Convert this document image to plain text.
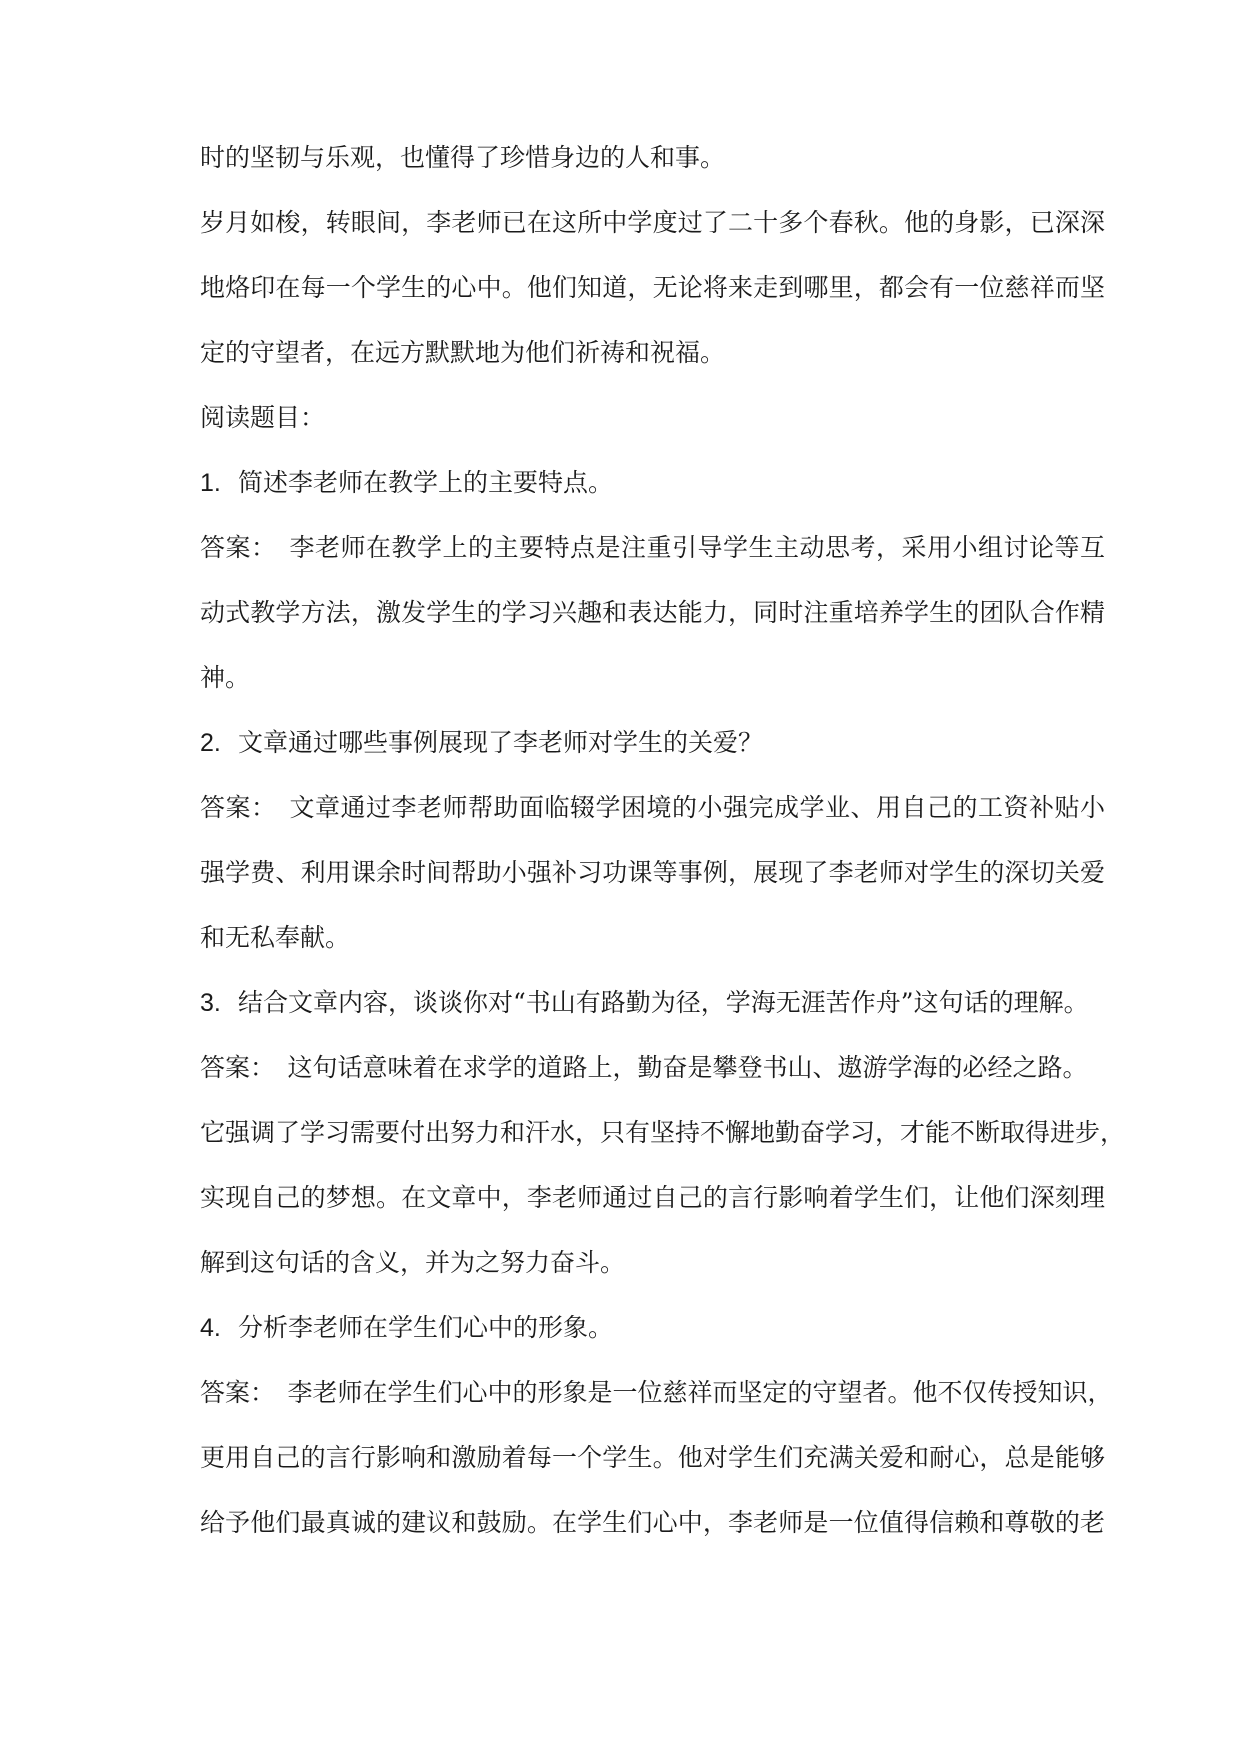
时的坚韧与乐观，也懂得了珍惜身边的人和事。
岁月如梭，转眼间，李老师已在这所中学度过了二十多个春秋。他的身影，已深深
地烙印在每一个学生的心中。他们知道，无论将来走到哪里，都会有一位慈祥而坚
定的守望者，在远方默默地为他们祈祷和祝福。
阅读题目：
1. 简述李老师在教学上的主要特点。
答案：　李老师在教学上的主要特点是注重引导学生主动思考，采用小组讨论等互
动式教学方法，激发学生的学习兴趣和表达能力，同时注重培养学生的团队合作精
神。
2. 文章通过哪些事例展现了李老师对学生的关爱？
答案：　文章通过李老师帮助面临辍学困境的小强完成学业、用自己的工资补贴小
强学费、利用课余时间帮助小强补习功课等事例，展现了李老师对学生的深切关爱
和无私奉献。
3. 结合文章内容，谈谈你对“书山有路勤为径，学海无涯苦作舟”这句话的理解。
答案：　这句话意味着在求学的道路上，勤奋是攀登书山、遨游学海的必经之路。
它强调了学习需要付出努力和汗水，只有坚持不懈地勤奋学习，才能不断取得进步，
实现自己的梦想。在文章中，李老师通过自己的言行影响着学生们，让他们深刻理
解到这句话的含义，并为之努力奋斗。
4. 分析李老师在学生们心中的形象。
答案：　李老师在学生们心中的形象是一位慈祥而坚定的守望者。他不仅传授知识，
更用自己的言行影响和激励着每一个学生。他对学生们充满关爱和耐心，总是能够
给予他们最真诚的建议和鼓励。在学生们心中，李老师是一位值得信赖和尊敬的老
